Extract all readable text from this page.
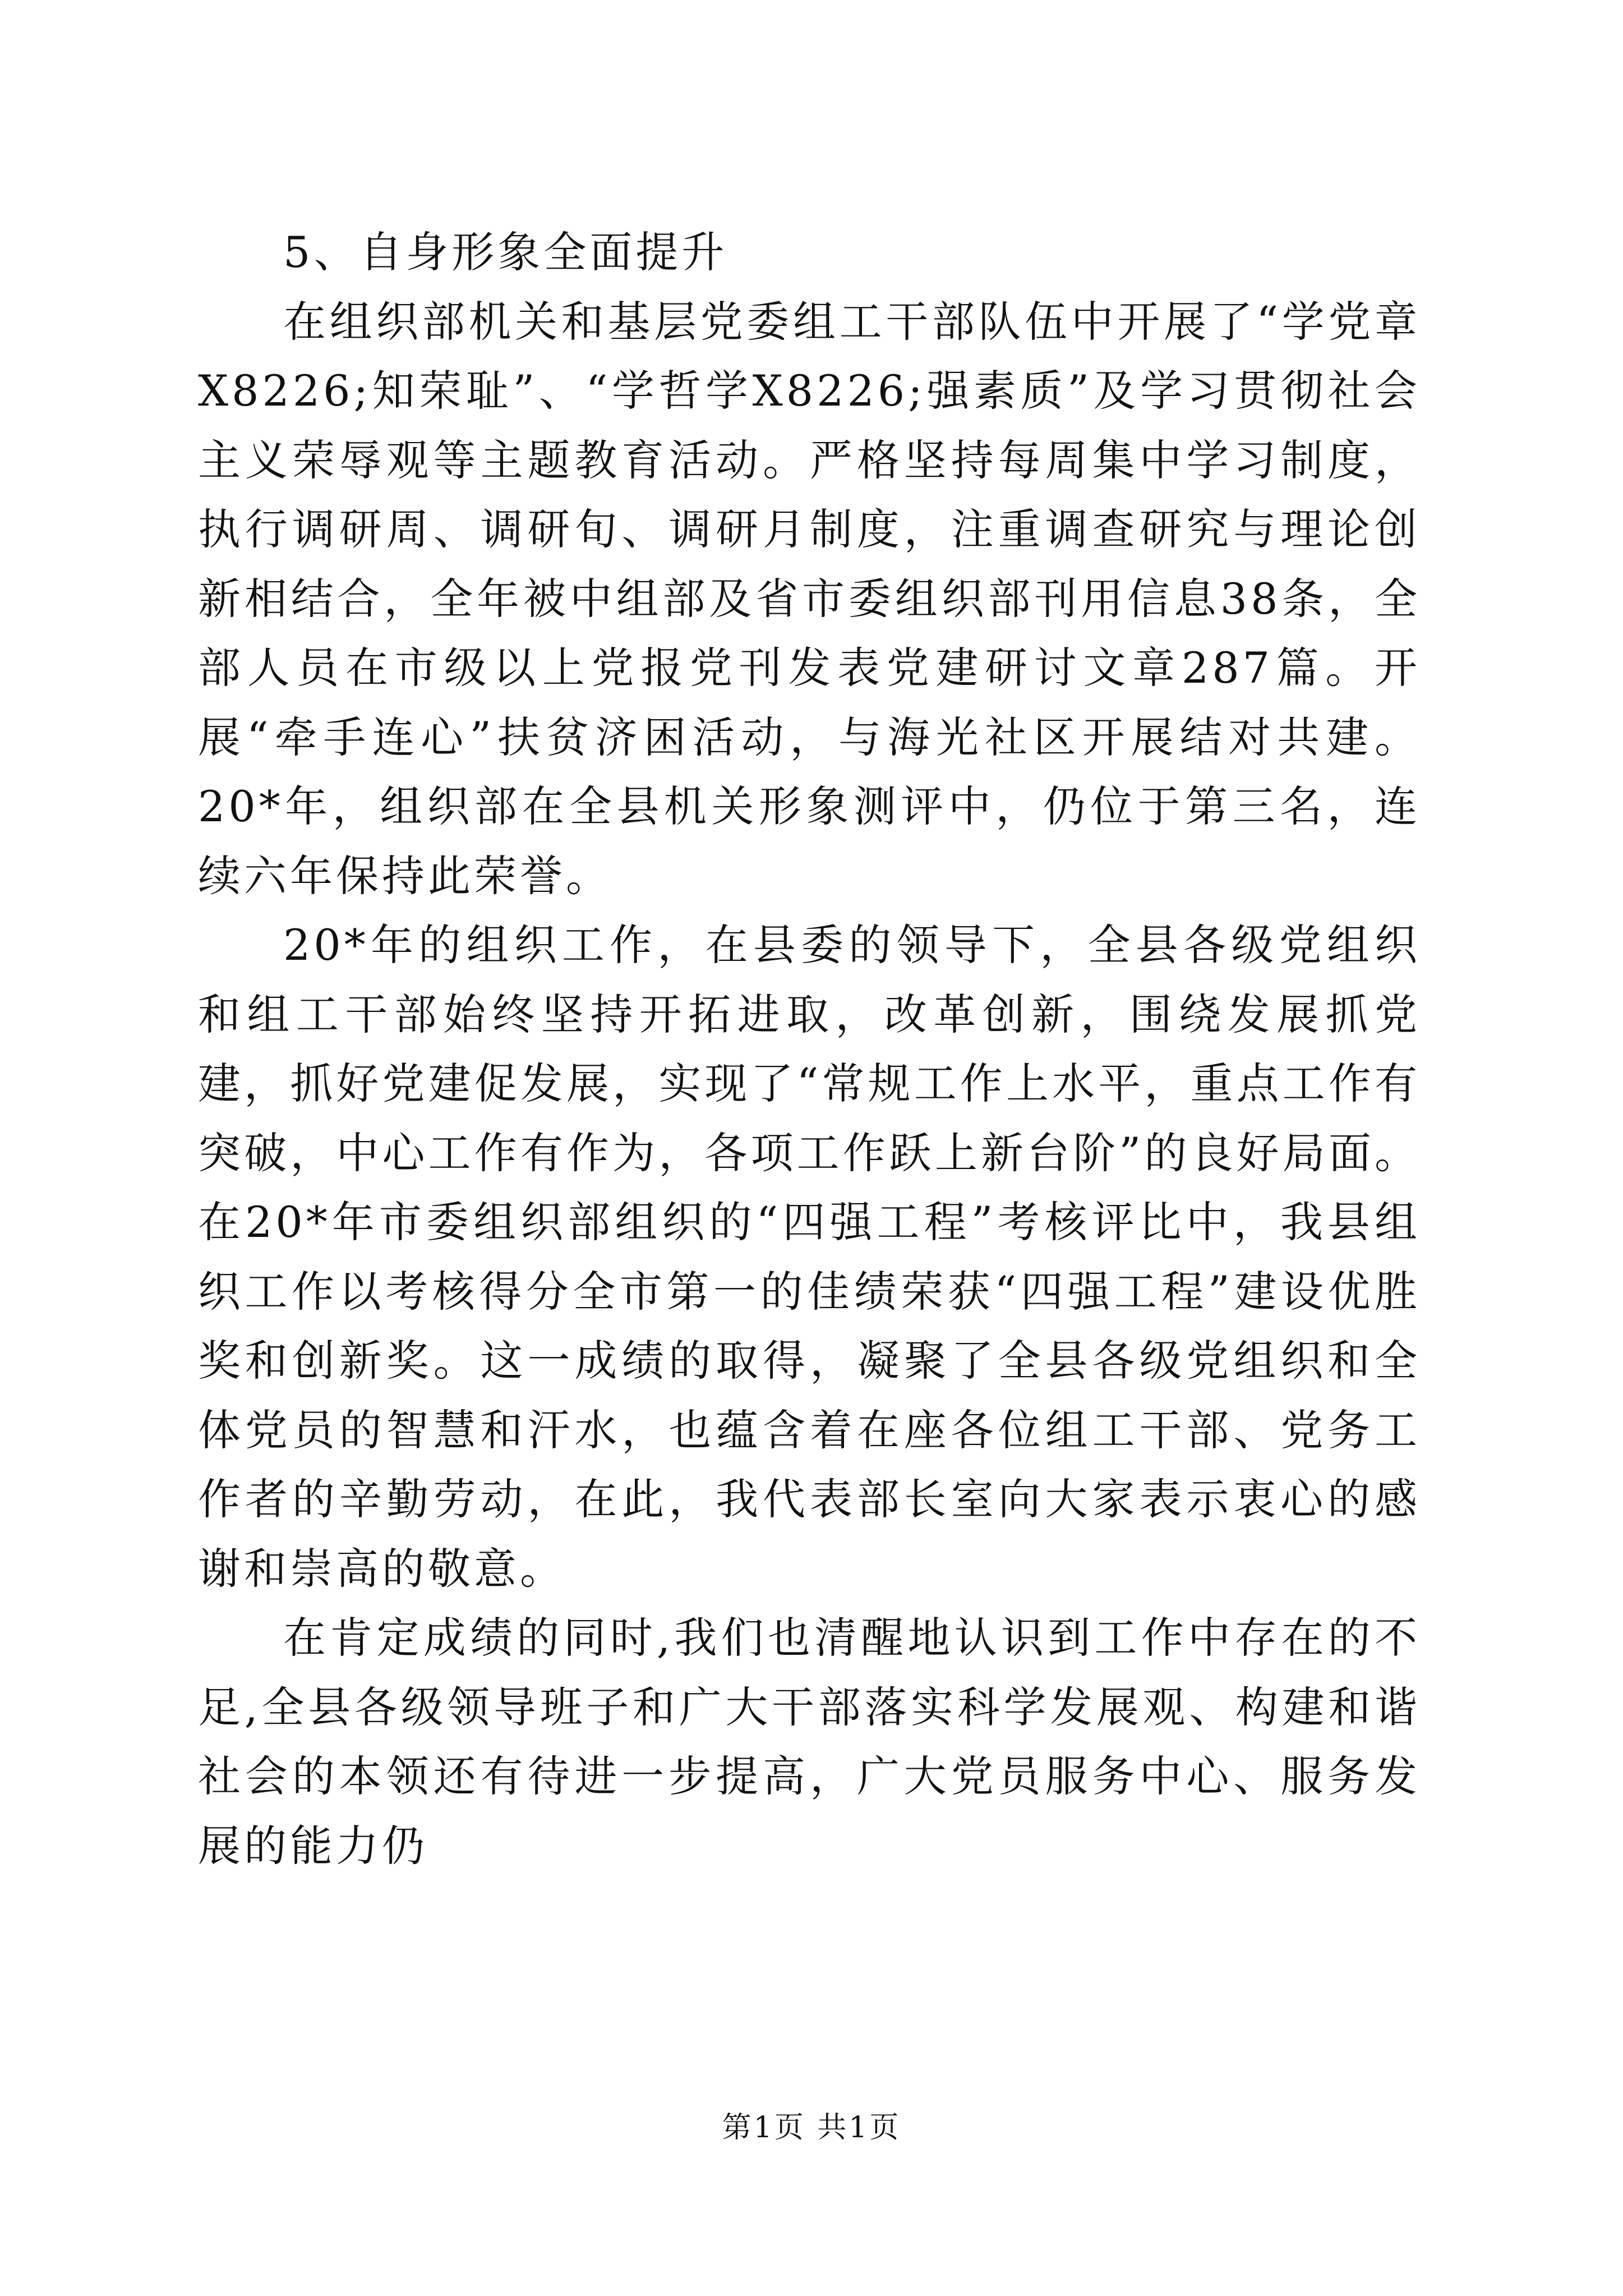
5、自身形象全面提升

在组织部机关和基层党委组工干部队伍中开展了“学党章X8226;知荣耻”、“学哲学X8226;强素质”及学习贯彻社会主义荣辱观等主题教育活动。严格坚持每周集中学习制度，执行调研周、调研旬、调研月制度，注重调查研究与理论创新相结合，全年被中组部及省市委组织部刊用信息38条，全部人员在市级以上党报党刊发表党建研讨文章287篇。开展“牵手连心”扶贫济困活动，与海光社区开展结对共建。20*年，组织部在全县机关形象测评中，仍位于第三名，连续六年保持此荣誉。

20*年的组织工作，在县委的领导下，全县各级党组织和组工干部始终坚持开拓进取，改革创新，围绕发展抓党建，抓好党建促发展，实现了“常规工作上水平，重点工作有突破，中心工作有作为，各项工作跃上新台阶”的良好局面。在20*年市委组织部组织的“四强工程”考核评比中，我县组织工作以考核得分全市第一的佳绩荣获“四强工程”建设优胜奖和创新奖。这一成绩的取得，凝聚了全县各级党组织和全体党员的智慧和汗水，也蕴含着在座各位组工干部、党务工作者的辛勤劳动，在此，我代表部长室向大家表示衷心的感谢和崇高的敬意。

在肯定成绩的同时,我们也清醒地认识到工作中存在的不足,全县各级领导班子和广大干部落实科学发展观、构建和谐社会的本领还有待进一步提高，广大党员服务中心、服务发展的能力仍

第1页 共1页
